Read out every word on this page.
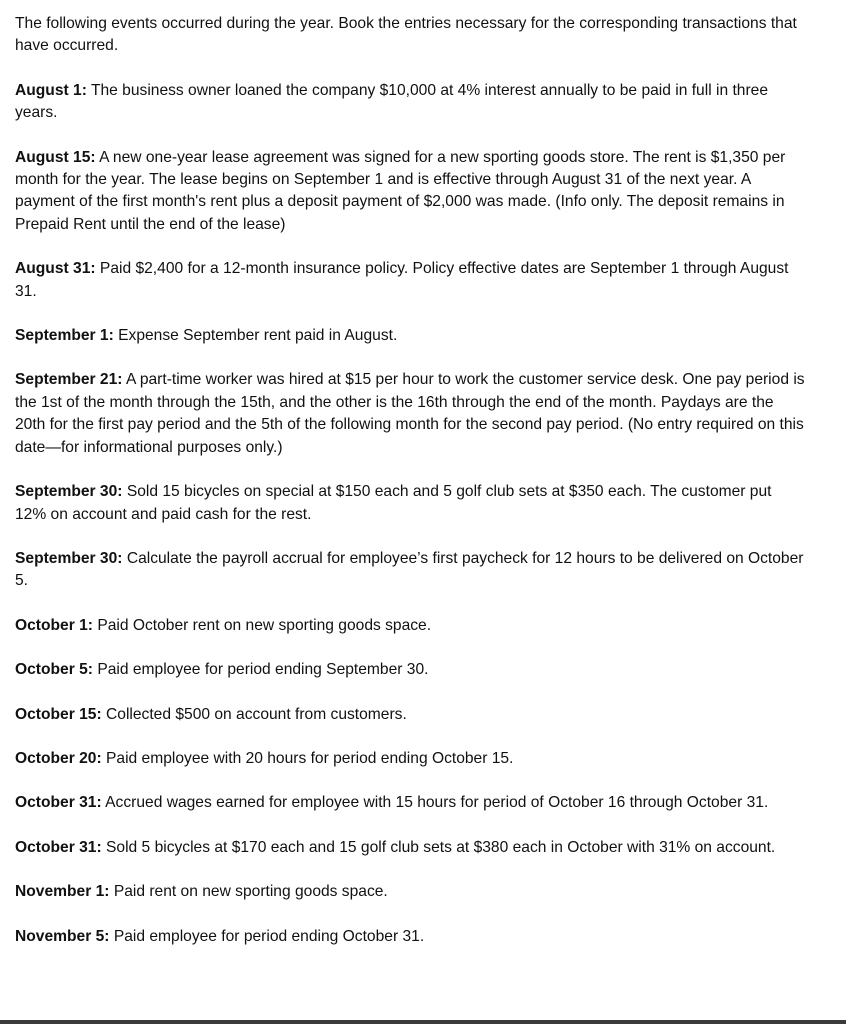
The following events occurred during the year. Book the entries necessary for the corresponding transactions that have occurred.

August 1: The business owner loaned the company $10,000 at 4% interest annually to be paid in full in three years.

August 15: A new one-year lease agreement was signed for a new sporting goods store. The rent is $1,350 per month for the year. The lease begins on September 1 and is effective through August 31 of the next year. A payment of the first month's rent plus a deposit payment of $2,000 was made. (Info only. The deposit remains in Prepaid Rent until the end of the lease)

August 31: Paid $2,400 for a 12-month insurance policy. Policy effective dates are September 1 through August 31.

September 1: Expense September rent paid in August.

September 21: A part-time worker was hired at $15 per hour to work the customer service desk. One pay period is the 1st of the month through the 15th, and the other is the 16th through the end of the month. Paydays are the 20th for the first pay period and the 5th of the following month for the second pay period. (No entry required on this date—for informational purposes only.)

September 30: Sold 15 bicycles on special at $150 each and 5 golf club sets at $350 each. The customer put 12% on account and paid cash for the rest.

September 30: Calculate the payroll accrual for employee’s first paycheck for 12 hours to be delivered on October 5.

October 1: Paid October rent on new sporting goods space.

October 5: Paid employee for period ending September 30.

October 15: Collected $500 on account from customers.

October 20: Paid employee with 20 hours for period ending October 15.

October 31: Accrued wages earned for employee with 15 hours for period of October 16 through October 31.

October 31: Sold 5 bicycles at $170 each and 15 golf club sets at $380 each in October with 31% on account.

November 1: Paid rent on new sporting goods space.

November 5: Paid employee for period ending October 31.
